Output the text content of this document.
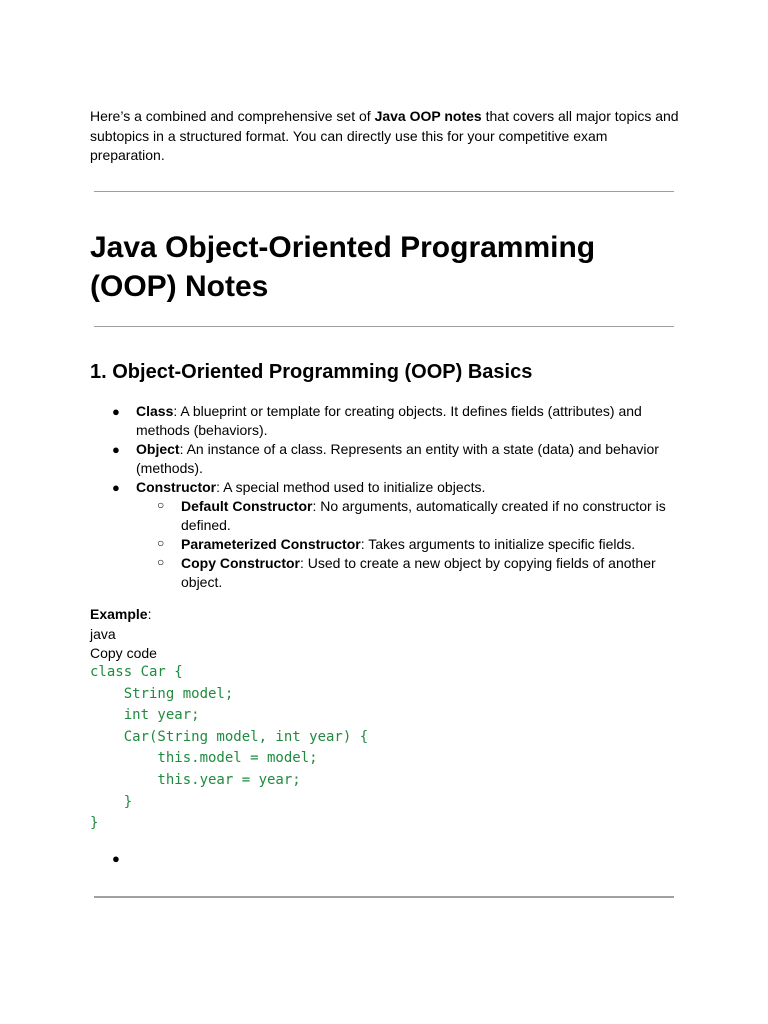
Here’s a combined and comprehensive set of Java OOP notes that covers all major topics and subtopics in a structured format. You can directly use this for your competitive exam preparation.

Java Object-Oriented Programming (OOP) Notes
1. Object-Oriented Programming (OOP) Basics

● Class: A blueprint or template for creating objects. It defines fields (attributes) and methods (behaviors).

● Object: An instance of a class. Represents an entity with a state (data) and behavior (methods).

● Constructor: A special method used to initialize objects.

○ Default Constructor: No arguments, automatically created if no constructor is defined.

○ Parameterized Constructor: Takes arguments to initialize specific fields.

○ Copy Constructor: Used to create a new object by copying fields of another object.

Example:
java
Copy code
class Car {
String model;
int year;
Car(String model, int year) {
this.model = model;
this.year = year;
}
}
●
